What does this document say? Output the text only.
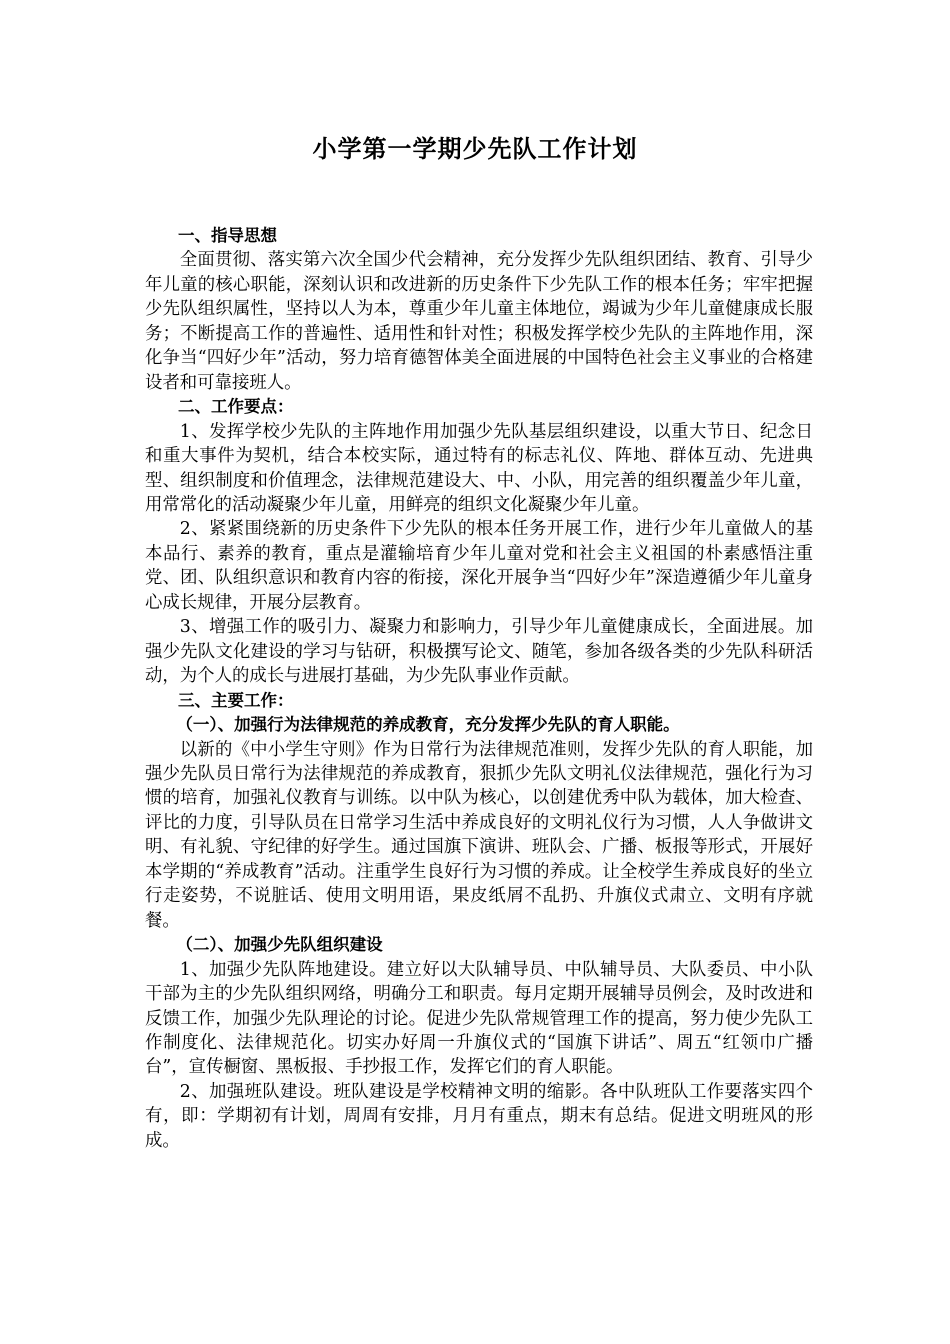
小学第一学期少先队工作计划

一、指导思想

全面贯彻、落实第六次全国少代会精神，充分发挥少先队组织团结、教育、引导少年儿童的核心职能，深刻认识和改进新的历史条件下少先队工作的根本任务；牢牢把握少先队组织属性，坚持以人为本，尊重少年儿童主体地位，竭诚为少年儿童健康成长服务；不断提高工作的普遍性、适用性和针对性；积极发挥学校少先队的主阵地作用，深化争当“四好少年”活动，努力培育德智体美全面进展的中国特色社会主义事业的合格建设者和可靠接班人。

二、工作要点：

1、发挥学校少先队的主阵地作用加强少先队基层组织建设，以重大节日、纪念日和重大事件为契机，结合本校实际，通过特有的标志礼仪、阵地、群体互动、先进典型、组织制度和价值理念，法律规范建设大、中、小队，用完善的组织覆盖少年儿童，用常常化的活动凝聚少年儿童，用鲜亮的组织文化凝聚少年儿童。

2、紧紧围绕新的历史条件下少先队的根本任务开展工作，进行少年儿童做人的基本品行、素养的教育，重点是灌输培育少年儿童对党和社会主义祖国的朴素感悟注重党、团、队组织意识和教育内容的衔接，深化开展争当“四好少年”深造遵循少年儿童身心成长规律，开展分层教育。

3、增强工作的吸引力、凝聚力和影响力，引导少年儿童健康成长，全面进展。加强少先队文化建设的学习与钻研，积极撰写论文、随笔，参加各级各类的少先队科研活动，为个人的成长与进展打基础，为少先队事业作贡献。

三、主要工作：

（一）、加强行为法律规范的养成教育，充分发挥少先队的育人职能。

以新的《中小学生守则》作为日常行为法律规范准则，发挥少先队的育人职能，加强少先队员日常行为法律规范的养成教育，狠抓少先队文明礼仪法律规范，强化行为习惯的培育，加强礼仪教育与训练。以中队为核心，以创建优秀中队为载体，加大检查、评比的力度，引导队员在日常学习生活中养成良好的文明礼仪行为习惯，人人争做讲文明、有礼貌、守纪律的好学生。通过国旗下演讲、班队会、广播、板报等形式，开展好本学期的“养成教育”活动。注重学生良好行为习惯的养成。让全校学生养成良好的坐立行走姿势，不说脏话、使用文明用语，果皮纸屑不乱扔、升旗仪式肃立、文明有序就餐。

（二）、加强少先队组织建设

1、加强少先队阵地建设。建立好以大队辅导员、中队辅导员、大队委员、中小队干部为主的少先队组织网络，明确分工和职责。每月定期开展辅导员例会，及时改进和反馈工作，加强少先队理论的讨论。促进少先队常规管理工作的提高，努力使少先队工作制度化、法律规范化。切实办好周一升旗仪式的“国旗下讲话”、周五“红领巾广播台”，宣传橱窗、黑板报、手抄报工作，发挥它们的育人职能。

2、加强班队建设。班队建设是学校精神文明的缩影。各中队班队工作要落实四个有，即：学期初有计划，周周有安排，月月有重点，期末有总结。促进文明班风的形成。
